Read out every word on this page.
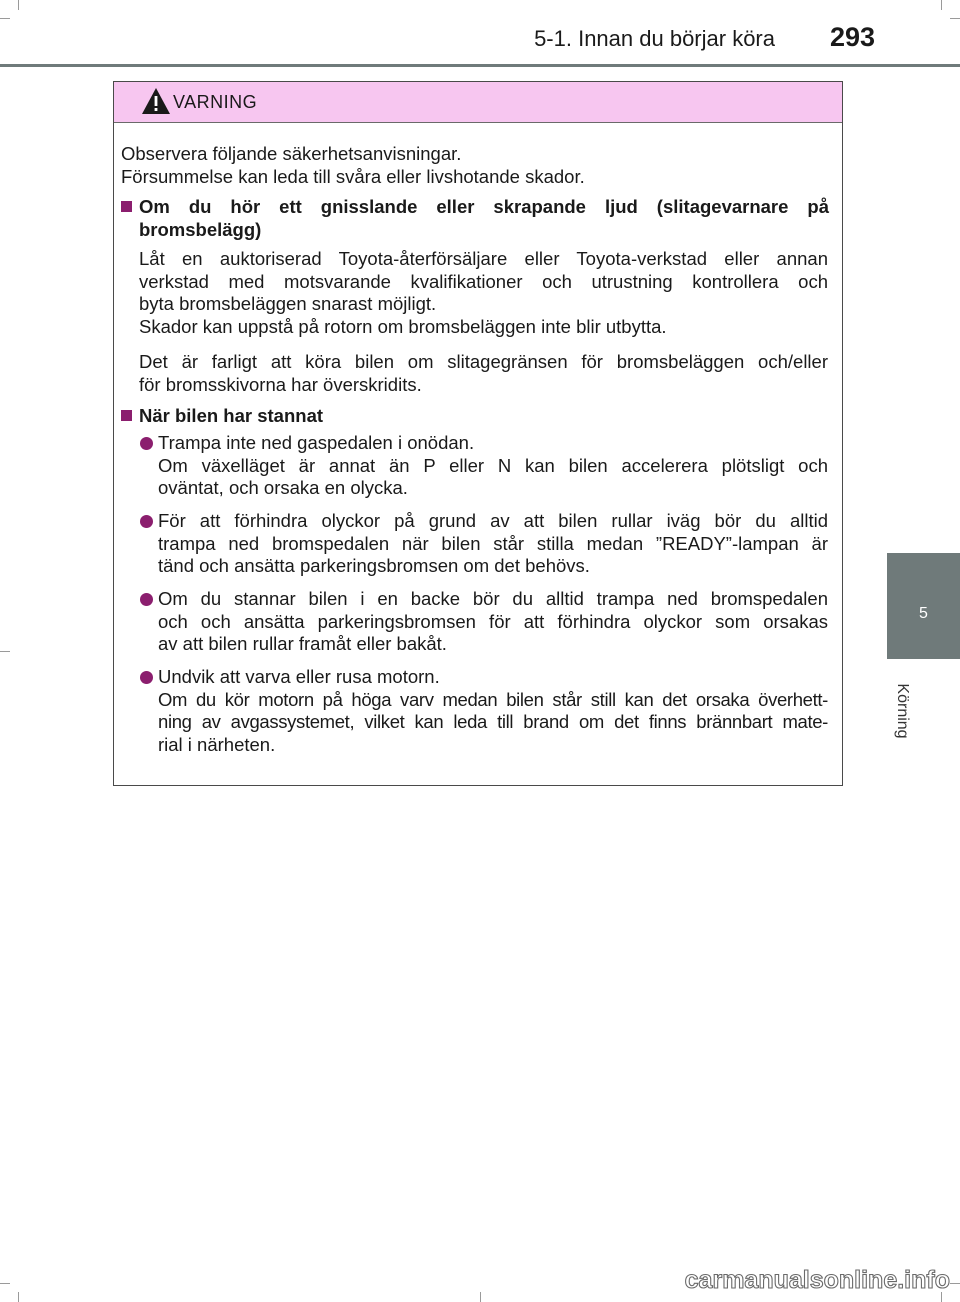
5-1. Innan du börjar köra	293
5
Körning
VARNING
Observera följande säkerhetsanvisningar.
Försummelse kan leda till svåra eller livshotande skador.
Om du hör ett gnisslande eller skrapande ljud (slitagevarnare på
bromsbelägg)
Låt en auktoriserad Toyota-återförsäljare eller Toyota-verkstad eller annan
verkstad med motsvarande kvalifikationer och utrustning kontrollera och
byta bromsbeläggen snarast möjligt.
Skador kan uppstå på rotorn om bromsbeläggen inte blir utbytta.
Det är farligt att köra bilen om slitagegränsen för bromsbeläggen och/eller
för bromsskivorna har överskridits.
När bilen har stannat
Trampa inte ned gaspedalen i onödan.
Om växelläget är annat än P eller N kan bilen accelerera plötsligt och
oväntat, och orsaka en olycka.
För att förhindra olyckor på grund av att bilen rullar iväg bör du alltid
trampa ned bromspedalen när bilen står stilla medan ”READY”-lampan är
tänd och ansätta parkeringsbromsen om det behövs.
Om du stannar bilen i en backe bör du alltid trampa ned bromspedalen
och och ansätta parkeringsbromsen för att förhindra olyckor som orsakas
av att bilen rullar framåt eller bakåt.
Undvik att varva eller rusa motorn.
Om du kör motorn på höga varv medan bilen står still kan det orsaka överhett-
ning av avgassystemet, vilket kan leda till brand om det finns brännbart mate-
rial i närheten.
carmanualsonline.info
